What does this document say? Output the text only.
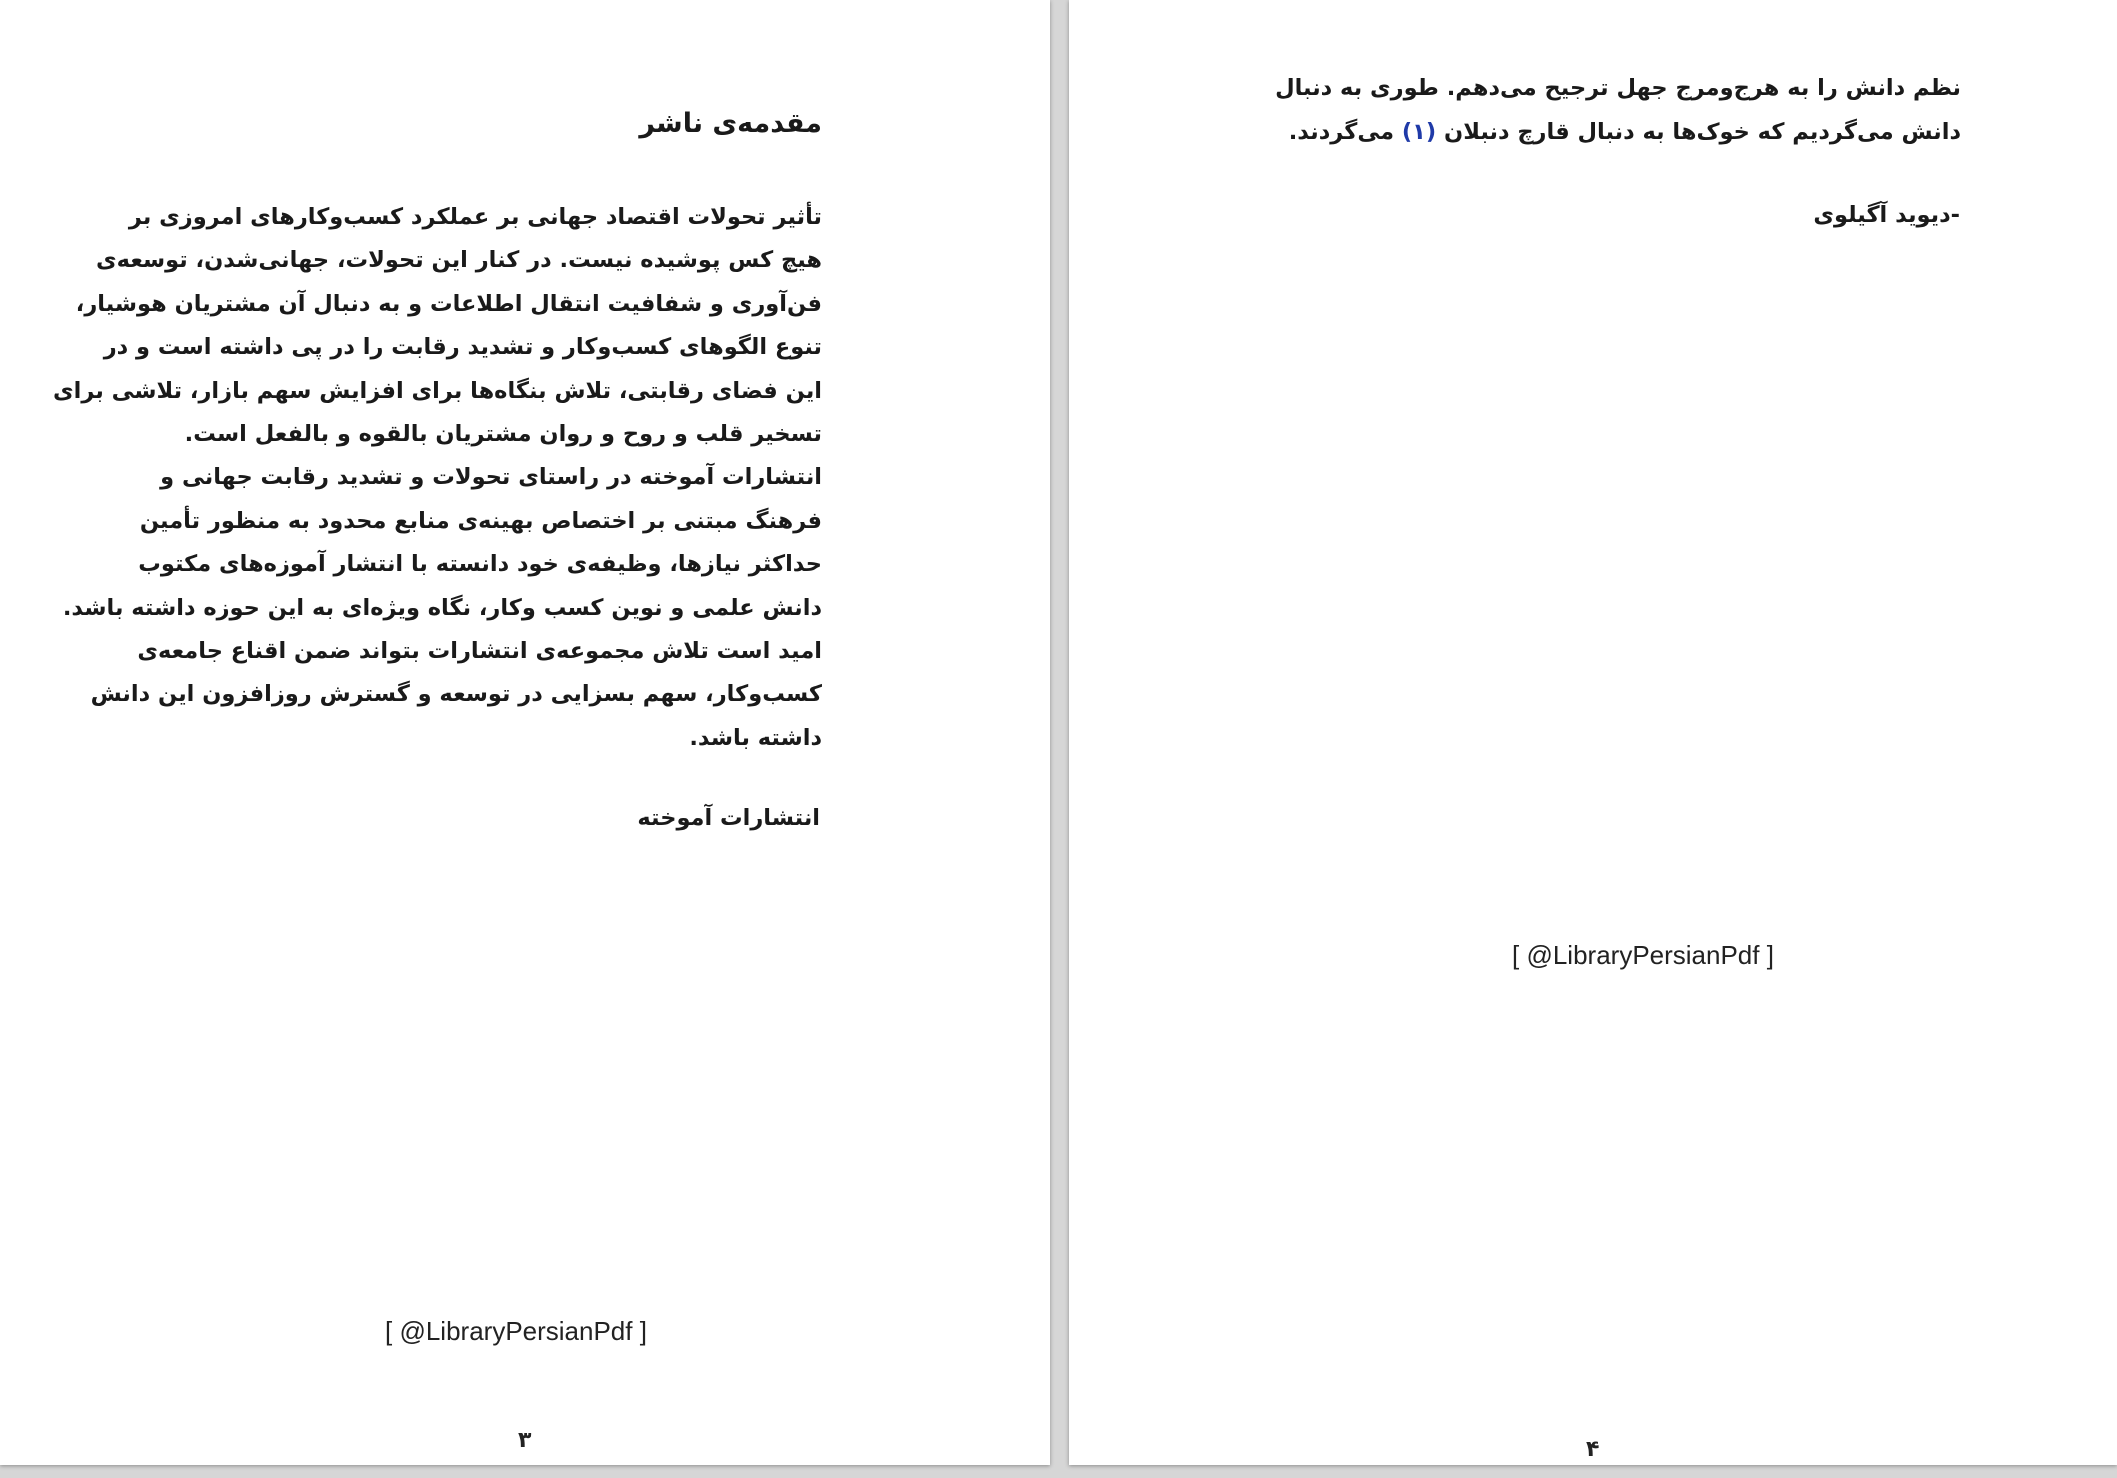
مقدمه‌ی ناشر
تأثیر تحولات اقتصاد جهانی بر عملکرد کسب‌وکارهای امروزی بر
هیچ کس پوشیده نیست. در کنار این تحولات، جهانی‌شدن، توسعه‌ی
فن‌آوری و شفافیت انتقال اطلاعات و به دنبال آن مشتریان هوشیار،
تنوع الگوهای کسب‌وکار و تشدید رقابت را در پی داشته است و در
این فضای رقابتی، تلاش بنگاه‌ها برای افزایش سهم بازار، تلاشی برای
تسخیر قلب و روح و روان مشتریان بالقوه و بالفعل است.
انتشارات آموخته در راستای تحولات و تشدید رقابت جهانی و
فرهنگ مبتنی بر اختصاص بهینه‌ی منابع محدود به منظور تأمین
حداکثر نیازها، وظیفه‌ی خود دانسته با انتشار آموزه‌های مکتوب
دانش علمی و نوین کسب وکار، نگاه ویژه‌ای به این حوزه داشته باشد.
امید است تلاش مجموعه‌ی انتشارات بتواند ضمن اقناع جامعه‌ی
کسب‌وکار، سهم بسزایی در توسعه و گسترش روزافزون این دانش
داشته باشد.
انتشارات آموخته
[ @LibraryPersianPdf ]
۳
نظم دانش را به هرج‌ومرج جهل ترجیح می‌دهم. طوری به دنبال
دانش می‌گردیم که خوک‌ها به دنبال قارچ دنبلان (۱) می‌گردند.
-دیوید آگیلوی
[ @LibraryPersianPdf ]
۴
